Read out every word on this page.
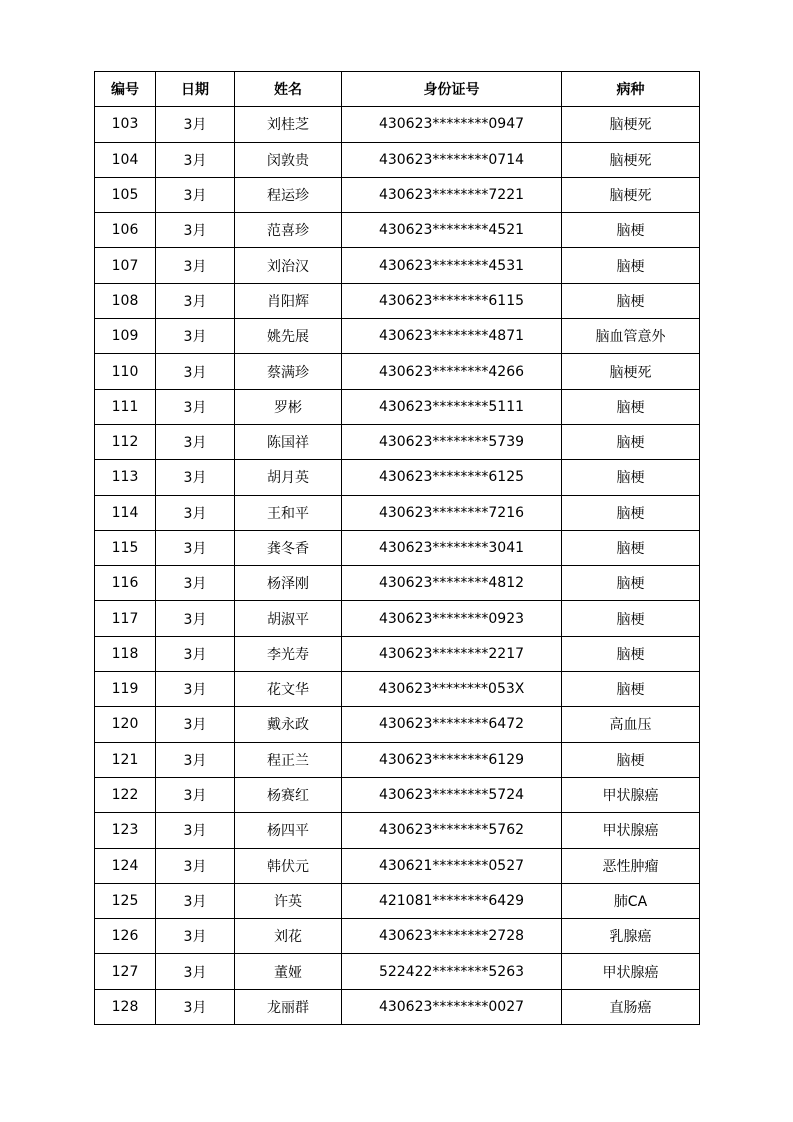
编号	日期	姓名	身份证号	病种
103	3月	刘桂芝	430623********0947	脑梗死
104	3月	闵敦贵	430623********0714	脑梗死
105	3月	程运珍	430623********7221	脑梗死
106	3月	范喜珍	430623********4521	脑梗
107	3月	刘治汉	430623********4531	脑梗
108	3月	肖阳辉	430623********6115	脑梗
109	3月	姚先展	430623********4871	脑血管意外
110	3月	蔡满珍	430623********4266	脑梗死
111	3月	罗彬	430623********5111	脑梗
112	3月	陈国祥	430623********5739	脑梗
113	3月	胡月英	430623********6125	脑梗
114	3月	王和平	430623********7216	脑梗
115	3月	龚冬香	430623********3041	脑梗
116	3月	杨泽刚	430623********4812	脑梗
117	3月	胡淑平	430623********0923	脑梗
118	3月	李光寿	430623********2217	脑梗
119	3月	花文华	430623********053X	脑梗
120	3月	戴永政	430623********6472	高血压
121	3月	程正兰	430623********6129	脑梗
122	3月	杨赛红	430623********5724	甲状腺癌
123	3月	杨四平	430623********5762	甲状腺癌
124	3月	韩伏元	430621********0527	恶性肿瘤
125	3月	许英	421081********6429	肺CA
126	3月	刘花	430623********2728	乳腺癌
127	3月	董娅	522422********5263	甲状腺癌
128	3月	龙丽群	430623********0027	直肠癌
